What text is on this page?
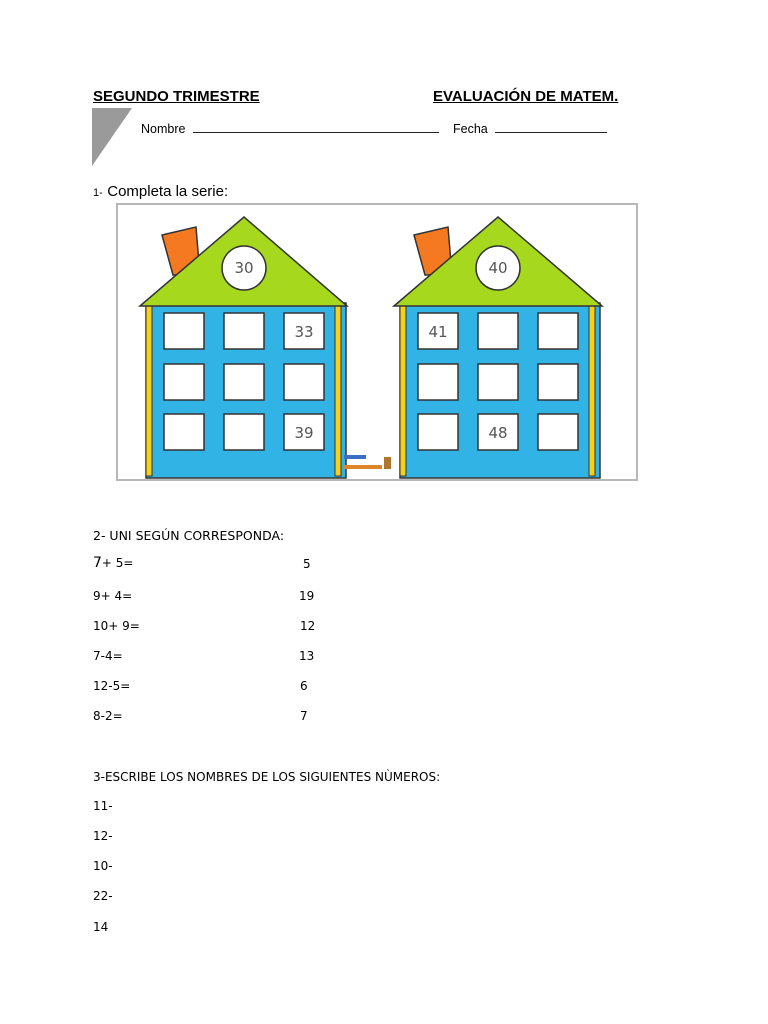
SEGUNDO TRIMESTRE	EVALUACIÓN DE MATEM.
Nombre	Fecha
1- Completa la serie:
30
33
39
40
41
48
2- UNI SEGÚN CORRESPONDA:
7+ 5=	5
9+ 4=	19
10+ 9=	12
7-4=	13
12-5=	6
8-2=	7
3-ESCRIBE LOS NOMBRES DE LOS SIGUIENTES NÙMEROS:
11-
12-
10-
22-
14
